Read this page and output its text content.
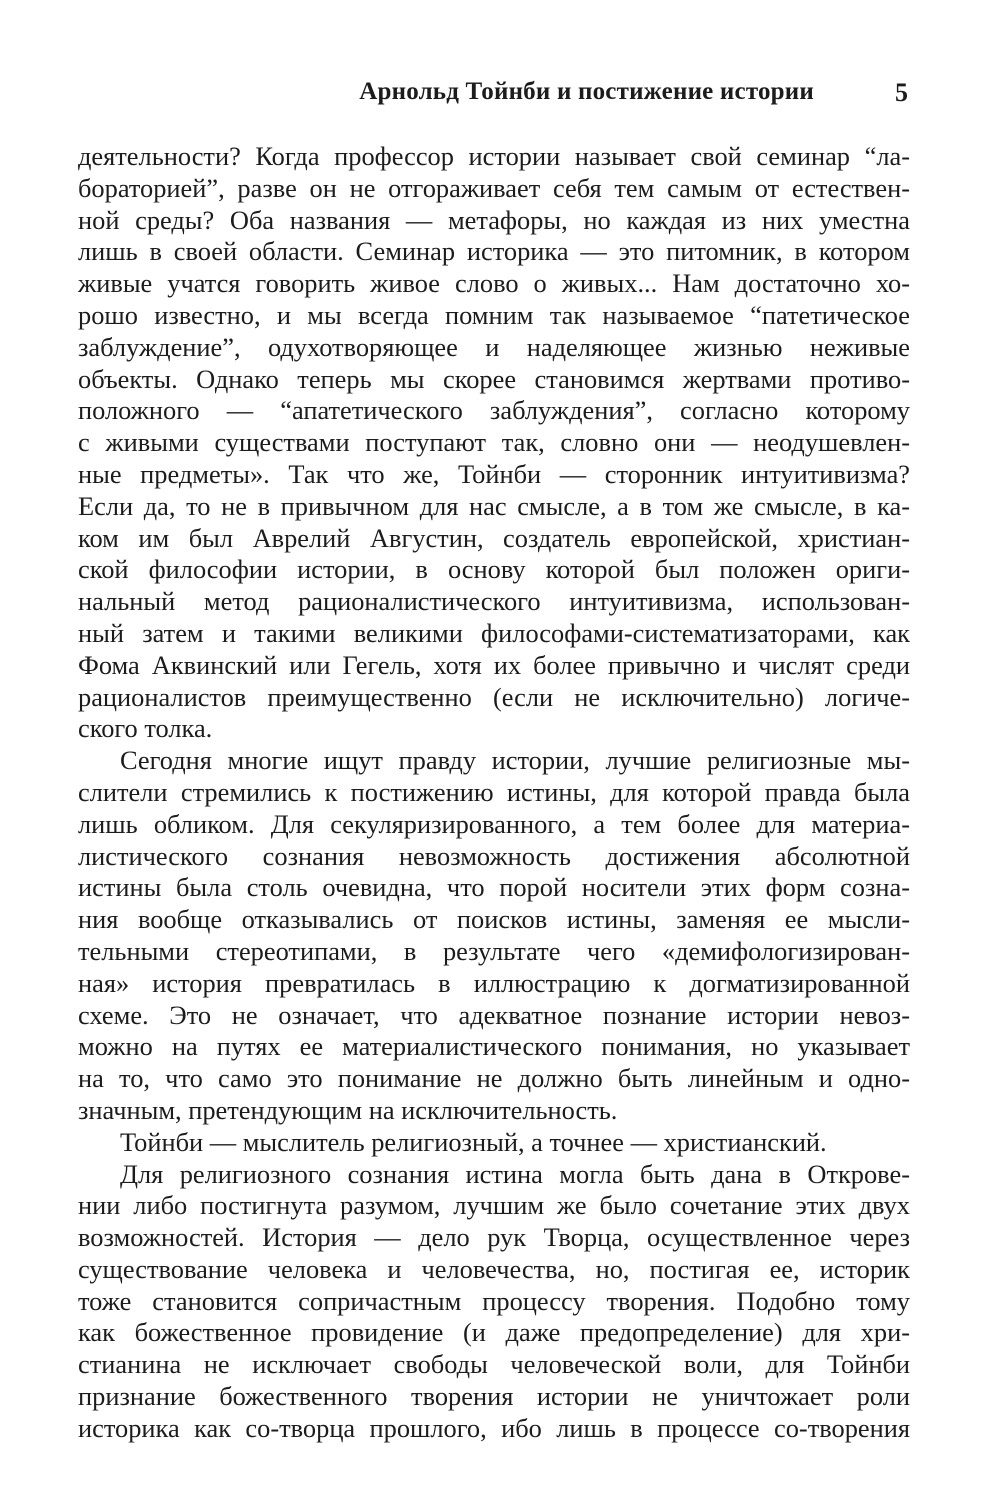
Арнольд Тойнби и постижение истории	5
деятельности? Когда профессор истории называет свой семинар “ла-
бораторией”, разве он не отгораживает себя тем самым от естествен-
ной среды? Оба названия — метафоры, но каждая из них уместна
лишь в своей области. Семинар историка — это питомник, в котором
живые учатся говорить живое слово о живых... Нам достаточно хо-
рошо известно, и мы всегда помним так называемое “патетическое
заблуждение”, одухотворяющее и наделяющее жизнью неживые
объекты. Однако теперь мы скорее становимся жертвами противо-
положного — “апатетического заблуждения”, согласно которому
с живыми существами поступают так, словно они — неодушевлен-
ные предметы». Так что же, Тойнби — сторонник интуитивизма?
Если да, то не в привычном для нас смысле, а в том же смысле, в ка-
ком им был Аврелий Августин, создатель европейской, христиан-
ской философии истории, в основу которой был положен ориги-
нальный метод рационалистического интуитивизма, использован-
ный затем и такими великими философами-систематизаторами, как
Фома Аквинский или Гегель, хотя их более привычно и числят среди
рационалистов преимущественно (если не исключительно) логиче-
ского толка.
Сегодня многие ищут правду истории, лучшие религиозные мы-
слители стремились к постижению истины, для которой правда была
лишь обликом. Для секуляризированного, а тем более для материа-
листического сознания невозможность достижения абсолютной
истины была столь очевидна, что порой носители этих форм созна-
ния вообще отказывались от поисков истины, заменяя ее мысли-
тельными стереотипами, в результате чего «демифологизирован-
ная» история превратилась в иллюстрацию к догматизированной
схеме. Это не означает, что адекватное познание истории невоз-
можно на путях ее материалистического понимания, но указывает
на то, что само это понимание не должно быть линейным и одно-
значным, претендующим на исключительность.
Тойнби — мыслитель религиозный, а точнее — христианский.
Для религиозного сознания истина могла быть дана в Открове-
нии либо постигнута разумом, лучшим же было сочетание этих двух
возможностей. История — дело рук Творца, осуществленное через
существование человека и человечества, но, постигая ее, историк
тоже становится сопричастным процессу творения. Подобно тому
как божественное провидение (и даже предопределение) для хри-
стианина не исключает свободы человеческой воли, для Тойнби
признание божественного творения истории не уничтожает роли
историка как со-творца прошлого, ибо лишь в процессе со-творения
